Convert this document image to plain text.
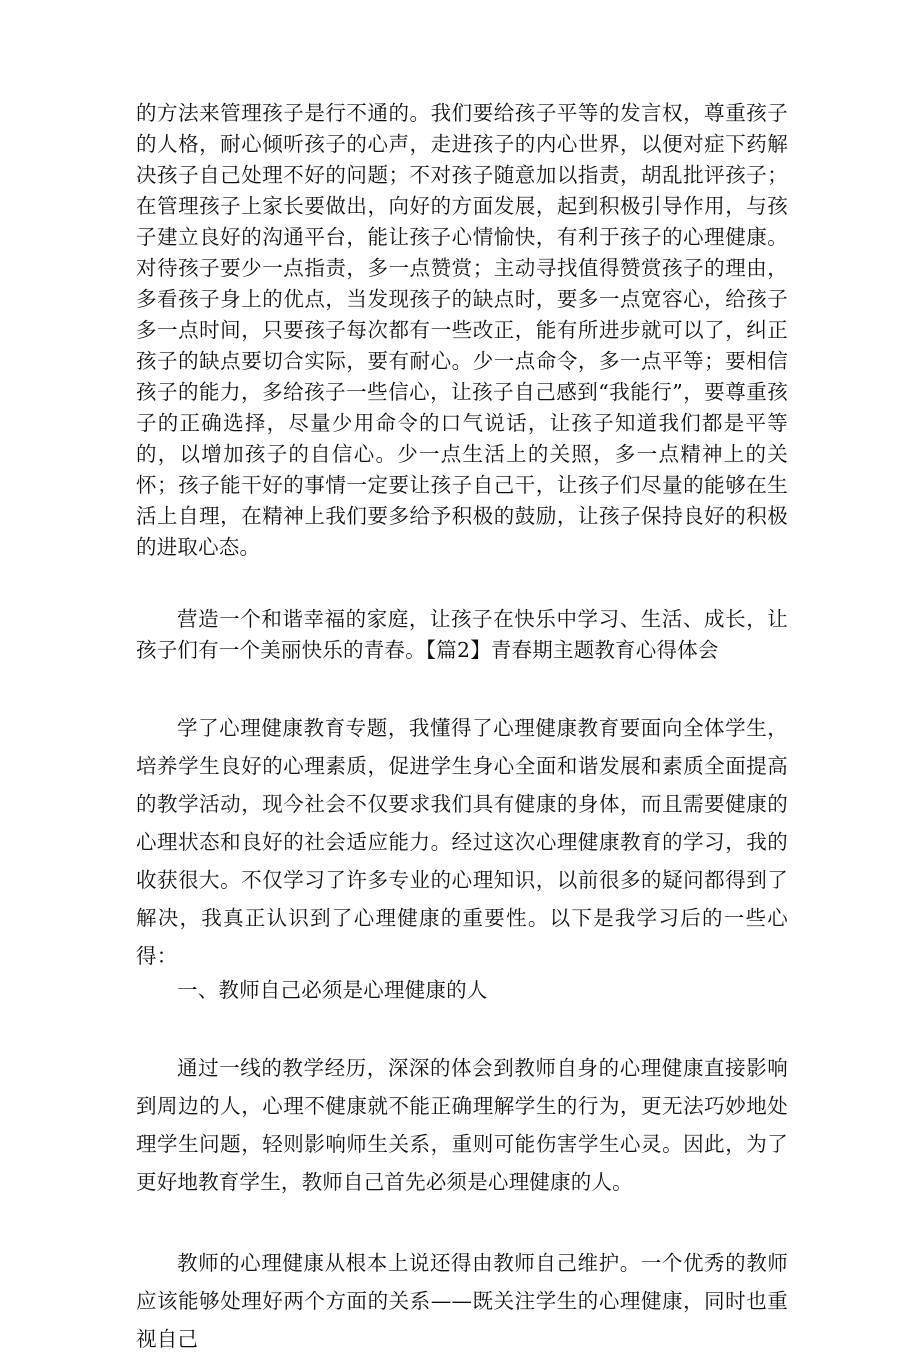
的方法来管理孩子是行不通的。我们要给孩子平等的发言权，尊重孩子的人格，耐心倾听孩子的心声，走进孩子的内心世界，以便对症下药解决孩子自己处理不好的问题；不对孩子随意加以指责，胡乱批评孩子；在管理孩子上家长要做出，向好的方面发展，起到积极引导作用，与孩子建立良好的沟通平台，能让孩子心情愉快，有利于孩子的心理健康。对待孩子要少一点指责，多一点赞赏；主动寻找值得赞赏孩子的理由，多看孩子身上的优点，当发现孩子的缺点时，要多一点宽容心，给孩子多一点时间，只要孩子每次都有一些改正，能有所进步就可以了，纠正孩子的缺点要切合实际，要有耐心。少一点命令，多一点平等；要相信孩子的能力，多给孩子一些信心，让孩子自己感到“我能行”，要尊重孩子的正确选择，尽量少用命令的口气说话，让孩子知道我们都是平等的，以增加孩子的自信心。少一点生活上的关照，多一点精神上的关怀；孩子能干好的事情一定要让孩子自己干，让孩子们尽量的能够在生活上自理，在精神上我们要多给予积极的鼓励，让孩子保持良好的积极的进取心态。

营造一个和谐幸福的家庭，让孩子在快乐中学习、生活、成长，让孩子们有一个美丽快乐的青春。【篇2】青春期主题教育心得体会

学了心理健康教育专题，我懂得了心理健康教育要面向全体学生，培养学生良好的心理素质，促进学生身心全面和谐发展和素质全面提高的教学活动，现今社会不仅要求我们具有健康的身体，而且需要健康的心理状态和良好的社会适应能力。经过这次心理健康教育的学习，我的收获很大。不仅学习了许多专业的心理知识，以前很多的疑问都得到了解决，我真正认识到了心理健康的重要性。以下是我学习后的一些心得：

一、教师自己必须是心理健康的人

通过一线的教学经历，深深的体会到教师自身的心理健康直接影响到周边的人，心理不健康就不能正确理解学生的行为，更无法巧妙地处理学生问题，轻则影响师生关系，重则可能伤害学生心灵。因此，为了更好地教育学生，教师自己首先必须是心理健康的人。

教师的心理健康从根本上说还得由教师自己维护。一个优秀的教师应该能够处理好两个方面的关系——既关注学生的心理健康，同时也重视自己
